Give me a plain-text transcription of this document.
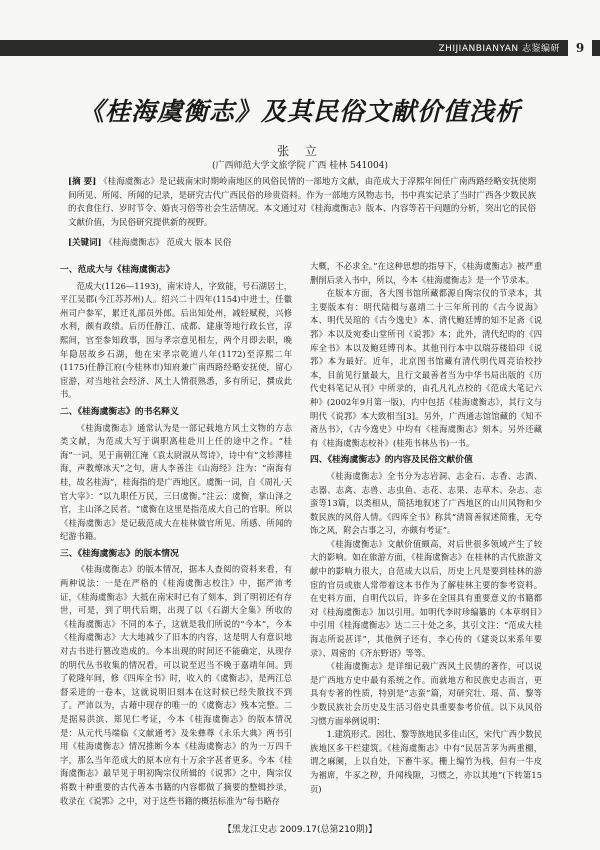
ZHIJIANBIANYAN 志鉴编研	9
《桂海虞衡志》及其民俗文献价值浅析
张 立
(广西师范大学文旅学院 广西 桂林 541004)
[摘 要] 《桂海虞衡志》是记载南宋时期岭南地区的风俗民情的一部地方文献，由范成大于淳熙年间任广南西路经略安抚使期间所见、所闻、所闻的记录，是研究古代广西民俗的珍贵资料。作为一部地方风物志书，书中真实记录了当时广西各少数民族的衣食住行、岁时节令、婚丧习俗等社会生活情况。本文通过对《桂海虞衡志》版本、内容等若干问题的分析，突出它的民俗文献价值，为民俗研究提供新的视野。
[关键词] 《桂海虞衡志》 范成大 版本 民俗
一、范成大与《桂海虞衡志》

范成大(1126—1193)，南宋诗人，字致能，号石湖居士，平江吴郡(今江苏苏州)人。绍兴二十四年(1154)中进士，任徽州司户参军，累迁礼部员外郎。后出知处州，减轻赋税，兴修水利，颇有政绩。后历任静江、成都、建康等地行政长官，淳熙间，官至参知政事，因与孝宗意见相左，两个月即去职，晚年隐居故乡石湖，他在宋孝宗乾道八年(1172)至淳熙二年(1175)任静江府(今桂林市)知府兼广南西路经略安抚使，留心宦游，对当地社会经济、风土人情很熟悉，多有所记，撰成此书。

二、《桂海虞衡志》的书名释义

《桂海虞衡志》通常认为是一部记载地方风土文物的方志类文献，为范成大写于调职离桂赴川上任的途中之作。“桂海”一词，见于南朝江淹《袁太尉淑从驾诗》，诗中有“文轸薄桂海，声教燎冰天”之句，唐人李善注《山海经》注为：“南海有桂，故名桂海”，桂海指的是广西地区。虞衡一词，自《周礼·天官大宰》：“以九职任万民，三曰虞衡。”注云：虞衡，掌山泽之官，主山泽之民者。“虞衡在这里是指范成大自己的官职。所以《桂海虞衡志》是记载范成大在桂林做官所见、所感、所闻的纪游书籍。

三、《桂海虞衡志》的版本情况

《桂海虞衡志》的版本情况，据本人查阅的资料来看，有两种说法：一是在严格的《桂海虞衡志校注》中，据严沛考证，《桂海虞衡志》大抵在南宋时已有了刻本，到了明初还有存世，可是，到了明代后期，出现了以《石湖大全集》所收的《桂海虞衡志》不同的本子，这就是我们所说的“今本”，今本《桂海虞衡志》大大地减少了旧本的内容，这是明人有意识地对古书进行篡改造成的。今本出现的时间还不能确定，从现存的明代丛书收集的情况看，可以说至迟当不晚于嘉靖年间。到了乾隆年间，修《四库全书》时，收入的《虞衡志》，是两江总督采进的一卷本，这就说明旧刻本在这时候已经失散找不到了。严沛以为，古藉中现存的唯一的《虞衡志》残本完整。二是据易洪滨、郑见仁考证，今本《桂海虞衡志》的版本情况是：从元代马端临《文献通考》及朱彝尊《永乐大典》两书引用《桂海虞衡志》情况推断今本《桂海虞衡志》的为一万四千字，那么当年范成大的原本应有十万余字甚者更多。今本《桂海虞衡志》最早见于明初陶宗仪所辑的《说郛》之中，陶宗仪将数十种重要的古代善本书籍的内容都做了摘要的整辑抄录，收录在《说郛》之中，对于这些书籍的概括标准为“每书略存

大概，不必求全。”在这种思想的指导下，《桂海虞衡志》被严重删削后录入书中，所以，今本《桂海虞衡志》是一个节录本。

在版本方面，各大图书馆所藏都源自陶宗仪的节录本，其主要版本有：明代陆楫与嘉靖二十三年所刊的《古今说海》本、明代吴琯的《古今逸史》本、清代鲍廷博的知不足斋《说郛》本以及宛委山堂所刊《说郛》本；此外，清代纪昀的《四库全书》本以及鲍廷博刊本。其他刊行本中以瑞芬楼铅印《说郛》本为最好。近年，北京图书馆藏有清代明代周亮诒校抄本，目前见行量最大，且行文最善者当为中华书局出版的《历代史料笔记从刊》中所录的，由孔凡礼点校的《范成大笔记六种》(2002年9月第一版)，内中包括《桂海虞衡志》，其行文与明代《说郛》本大致相当[3]。另外，广西通志馆馆藏的《知不斋丛书》，《古今逸史》中均有《桂海虞衡志》刻本。另外还藏有《桂海虞衡志校补》(桂苑书林丛书)一书。

四、《桂海虞衡志》的内容及民俗文献价值

《桂海虞衡志》全书分为志岩洞、志金石、志香、志酒、志器、志禽、志兽、志虫鱼、志花、志果、志草木、杂志、志蛮等13篇，以类相从，简括地叙述了广西地区的山川风物和少数民族的风俗人情。《四库全书》称其“清简善叙述简雅，无夸饰之风，附会古事之习，亦颇有考证”。

《桂海虞衡志》文献价值颇高，对后世很多领域产生了较大的影响。如在旅游方面，《桂海虞衡志》在桂林的古代旅游文献中的影响力很大，自范成大以后，历史上凡是要到桂林的游宦的官员或旅人常带着这本书作为了解桂林主要的参考资料。在史料方面，自明代以后，许多在全国具有重要意义的书籍都对《桂海虞衡志》加以引用。如明代李时珍编纂的《本草纲目》中引用《桂海虞衡志》达二三十处之多，其引文注：“范成大桂海志所说甚详”，其他例子还有，李心传的《建炎以来系年要录》、周密的《齐东野语》等等。

《桂海虞衡志》是详细记载广西风土民情的著作，可以说是广西地方史中最有系统之作。而就地方和民族史志而言，更具有专著的性质，特别是“志蛮”篇，对研究壮、瑶、苗、黎等少数民族社会历史及生活习俗史具重要参考价值。以下从风俗习惯方面举例说明：

1.建筑形式。因壮、黎等族地民多佳山区，宋代广西少数民族地区多干栏建筑。《桂海虞衡志》中有“民居苫茅为两重棚，谓之麻阑，上以自处，下畜牛豕。栅上编竹为栈，但有一牛皮为裀席，牛豕之秽，升闻栈隙，习惯之，亦以其地”(下转第15页)

【黑龙江史志 2009.17(总第210期)】
